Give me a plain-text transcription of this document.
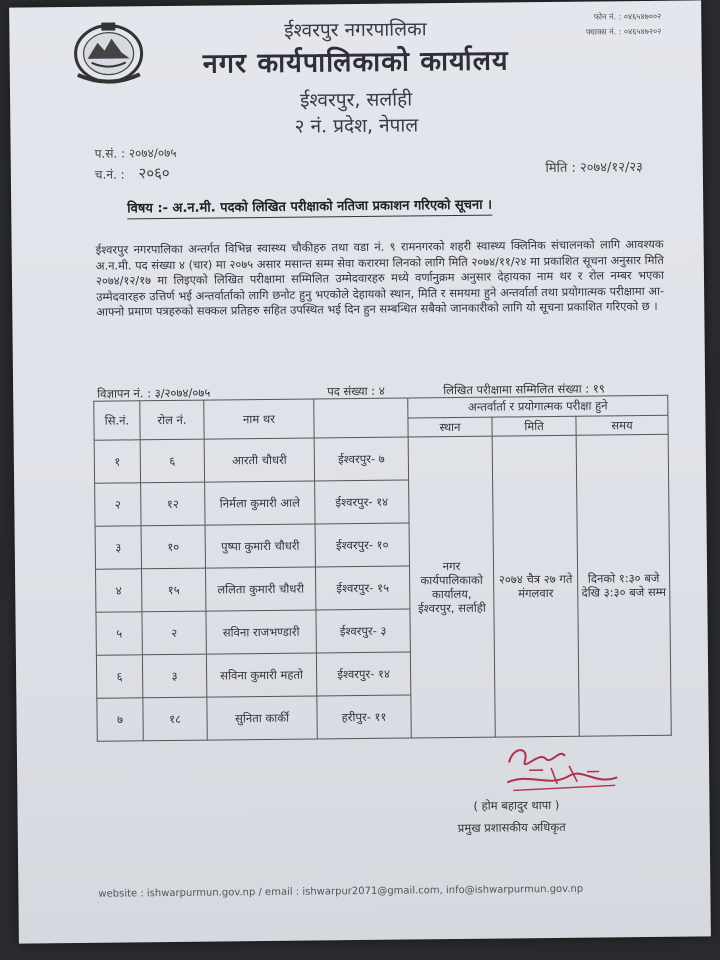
ईश्वरपुर नगरपालिका
नगर कार्यपालिकाको कार्यालय
ईश्वरपुर, सर्लाही
२ नं. प्रदेश, नेपाल
फोन नं. : ०४६५४७००२
फ्याक्स नं. : ०४६५४७२०२
प.सं. : २०७४/०७५
च.नं. : २०६०	मिति : २०७४/१२/२३
विषय :- अ.न.मी. पदको लिखित परीक्षाको नतिजा प्रकाशन गरिएको सूचना ।
ईश्वरपुर नगरपालिका अन्तर्गत विभिन्न स्वास्थ्य चौकीहरु तथा वडा नं. ९ रामनगरको शहरी स्वास्थ्य क्लिनिक संचालनको लागि आवश्यक अ.न.मी. पद संख्या ४ (चार) मा २०७५ असार मसान्त सम्म सेवा करारमा लिनको लागि मिति २०७४/११/२४ मा प्रकाशित सूचना अनुसार मिति २०७४/१२/१७ मा लिइएको लिखित परीक्षामा सम्मिलित उम्मेदवारहरु मध्ये वर्णानुक्रम अनुसार देहायका नाम थर र रोल नम्बर भएका उम्मेदवारहरु उत्तिर्ण भई अन्तर्वार्ताको लागि छनोट हुनु भएकोले देहायको स्थान, मिति र समयमा हुने अन्तर्वार्ता तथा प्रयोगात्मक परीक्षामा आ-आफ्नो प्रमाण पत्रहरुको सक्कल प्रतिहरु सहित उपस्थित भई दिन हुन सम्बन्धित सबैको जानकारीको लागि यो सूचना प्रकाशित गरिएको छ ।
विज्ञापन नं. : ३/२०७४/०७५	पद संख्या : ४	लिखित परीक्षामा सम्मिलित संख्या : १९
सि.नं.	रोल नं.	नाम थर		अन्तर्वार्ता र प्रयोगात्मक परीक्षा हुने		
				स्थान	मिति	समय
१	६	आरती चौधरी	ईश्वरपुर- ७	नगर कार्यपालिकाको कार्यालय, ईश्वरपुर, सर्लाही	२०७४ चैत्र २७ गते मंगलवार	दिनको १:३० बजे देखि ३:३० बजे सम्म
२	१२	निर्मला कुमारी आले	ईश्वरपुर- १४			
३	१०	पुष्पा कुमारी चौधरी	ईश्वरपुर- १०			
४	१५	ललिता कुमारी चौधरी	ईश्वरपुर- १५			
५	२	सविना राजभण्डारी	ईश्वरपुर- ३			
६	३	सविना कुमारी महतो	ईश्वरपुर- १४			
७	१८	सुनिता कार्की	हरीपुर- ११			
( होम बहादुर थापा )
प्रमुख प्रशासकीय अधिकृत
website : ishwarpurmun.gov.np / email : ishwarpur2071@gmail.com, info@ishwarpurmun.gov.np
